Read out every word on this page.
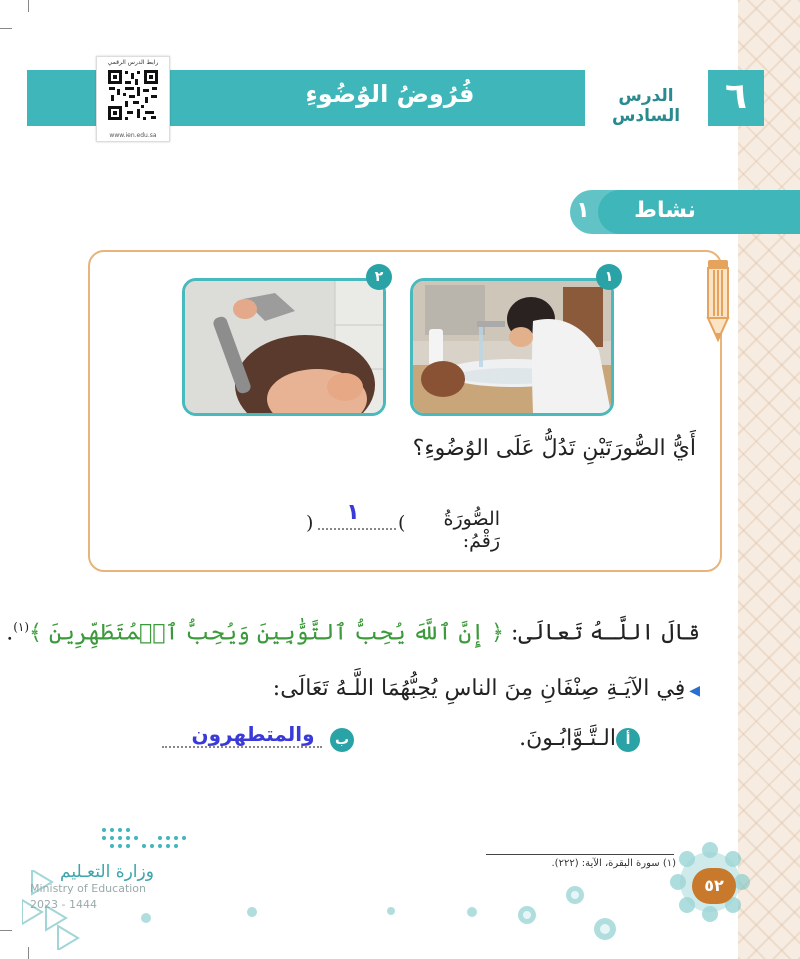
فُرُوضُ الوُضُوءِ	الدرس السادس	٦
رابط الدرس الرقمي
www.ien.edu.sa
نشاط
١
١
٢
أَيُّ الصُّورَتَيْنِ تَدُلُّ عَلَى الوُضُوءِ؟
الصُّورَةُ رَقْمُ:
(
)	١
قالَ اللَّـهُ تَعالَى: ﴿ إِنَّ ٱللَّهَ يُحِبُّ ٱلتَّوَّٰبِينَ وَيُحِبُّ ٱلۡمُتَطَهِّرِينَ ﴾$^{(١)}$.
◀فِي الآيَـةِ صِنْفَانِ مِنَ الناسِ يُحِبُّهُمَا اللَّـهُ تَعَالَى:
أ
الـتَّـوَّابُـونَ.
ب
والمتطهرون
(١) سورة البقرة، الآية: (٢٢٢).
٥٢
وزارة التعـليم
Ministry of Education
2023 - 1444
